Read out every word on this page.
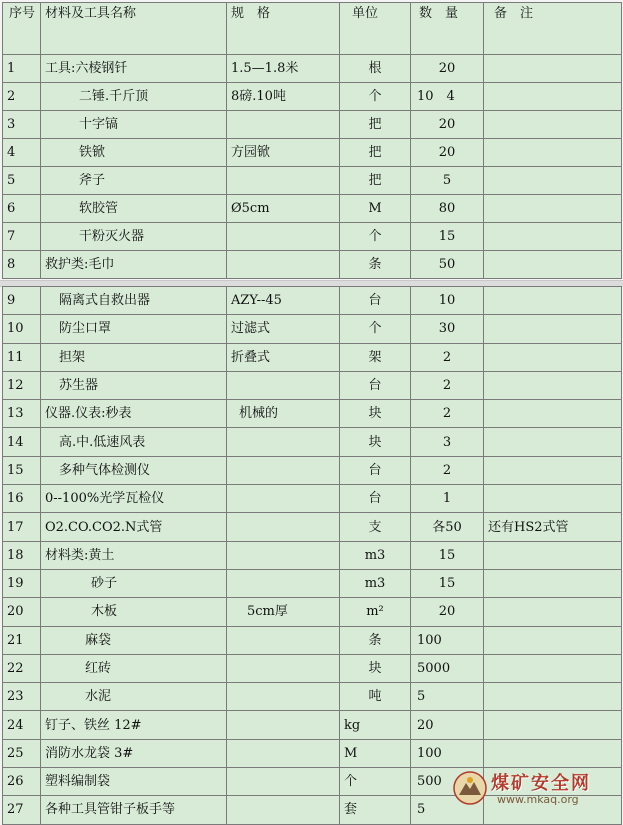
序号	材料及工具名称	规　格	单位	数　量	备　注
1	工具:六棱钢钎	1.5—1.8米	根	20	
2	二锤.千斤顶	8磅.10吨	个	10　4	
3	十字镐		把	20	
4	铁锨	方园锨	把	20	
5	斧子		把	5	
6	软胶管	Ø5cm	M	80	
7	干粉灭火器		个	15	
8	救护类:毛巾		条	50	
9	隔离式自救出器	AZY--45	台	10	
10	防尘口罩	过滤式	个	30	
11	担架	折叠式	架	2	
12	苏生器		台	2	
13	仪器.仪表:秒表	机械的	块	2	
14	高.中.低速风表		块	3	
15	多种气体检测仪		台	2	
16	0--100%光学瓦检仪		台	1	
17	O2.CO.CO2.N式管		支	各50	还有HS2式管
18	材料类:黄土		m3	15	
19	砂子		m3	15	
20	木板	5cm厚	m²	20	
21	麻袋		条	100	
22	红砖		块	5000	
23	水泥		吨	5	
24	钉子、铁丝 12#		kg	20	
25	消防水龙袋 3#		M	100	
26	塑料编制袋		个	500	
27	各种工具管钳子板手等		套	5	
煤矿安全网
www.mkaq.org
